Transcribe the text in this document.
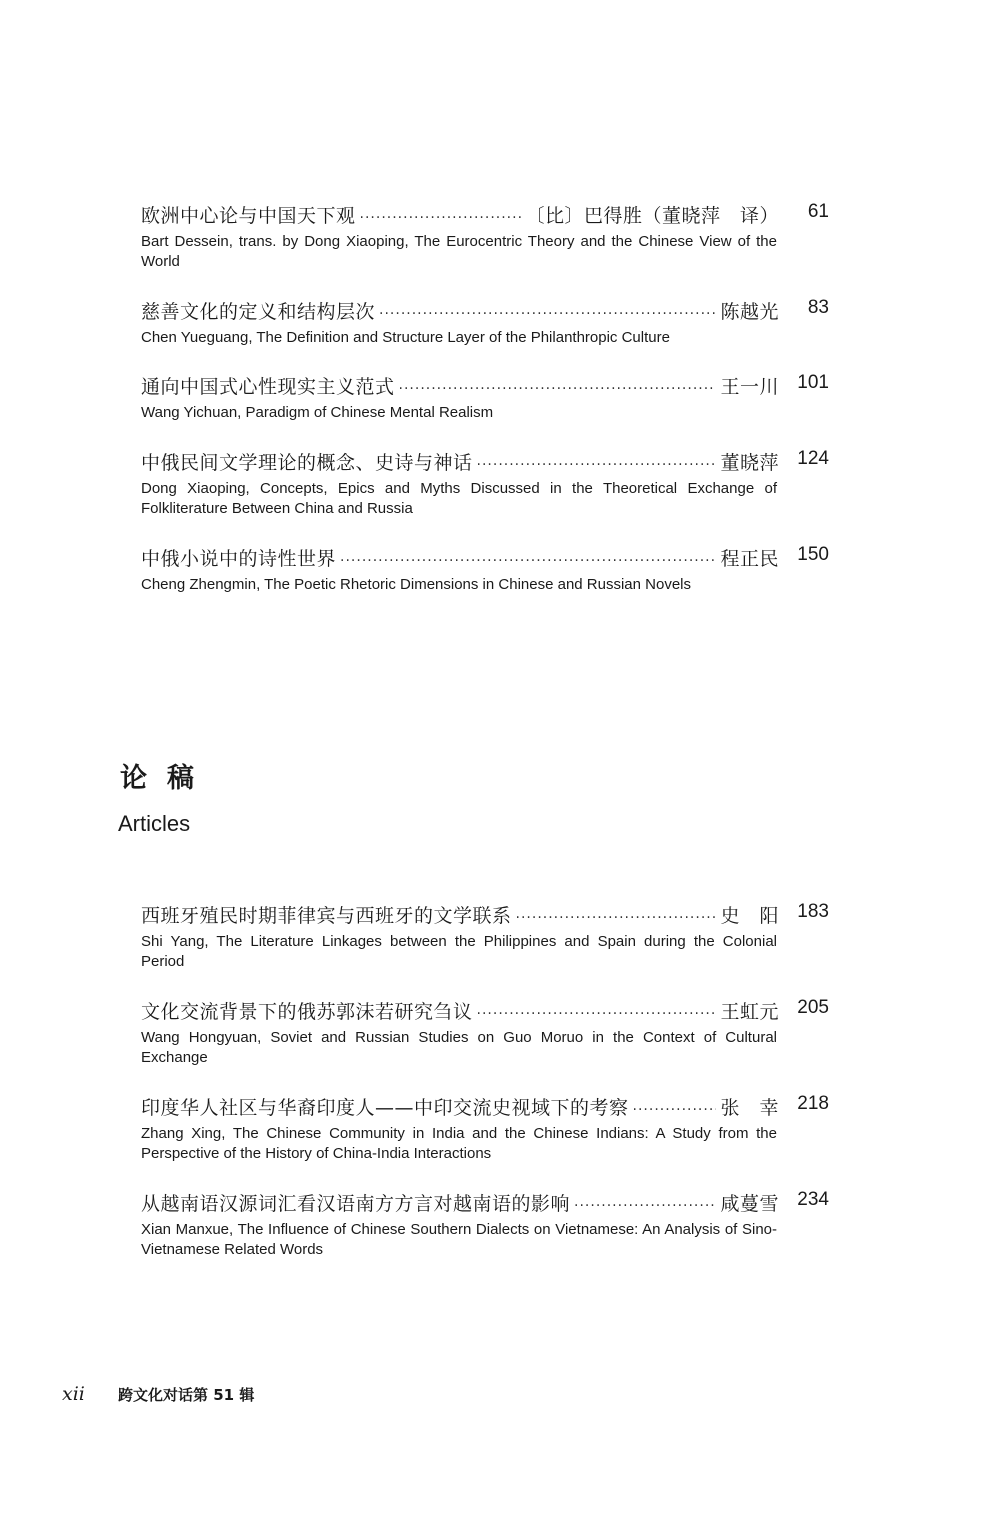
欧洲中心论与中国天下观 ·····	〔比〕巴得胜（董晓萍　译） 61
Bart Dessein, trans. by Dong Xiaoping, The Eurocentric Theory and the Chinese View of the World
慈善文化的定义和结构层次 ·····	陈越光 83
Chen Yueguang, The Definition and Structure Layer of the Philanthropic Culture
通向中国式心性现实主义范式 ·····	王一川 101
Wang Yichuan, Paradigm of Chinese Mental Realism
中俄民间文学理论的概念、史诗与神话 ·····	董晓萍 124
Dong Xiaoping, Concepts, Epics and Myths Discussed in the Theoretical Exchange of Folkliterature Between China and Russia
中俄小说中的诗性世界 ·····	程正民 150
Cheng Zhengmin, The Poetic Rhetoric Dimensions in Chinese and Russian Novels
论稿
Articles
西班牙殖民时期菲律宾与西班牙的文学联系 ·····	史　阳 183
Shi Yang, The Literature Linkages between the Philippines and Spain during the Colonial Period
文化交流背景下的俄苏郭沫若研究刍议 ·····	王虹元 205
Wang Hongyuan, Soviet and Russian Studies on Guo Moruo in the Context of Cultural Exchange
印度华人社区与华裔印度人——中印交流史视域下的考察 ·····	张　幸 218
Zhang Xing, The Chinese Community in India and the Chinese Indians: A Study from the Perspective of the History of China-India Interactions
从越南语汉源词汇看汉语南方方言对越南语的影响 ·····	咸蔓雪 234
Xian Manxue, The Influence of Chinese Southern Dialects on Vietnamese: An Analysis of Sino-Vietnamese Related Words
xii	跨文化对话第 51 辑
